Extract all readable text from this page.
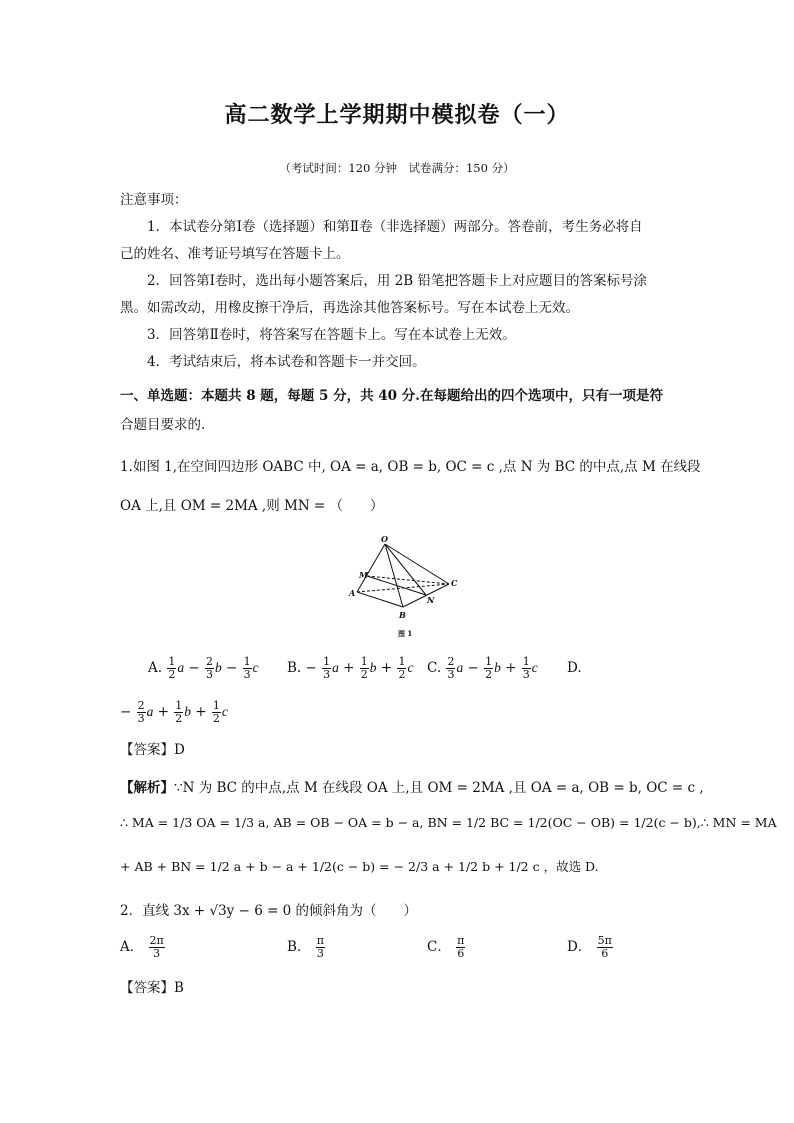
高二数学上学期期中模拟卷（一）
（考试时间：120 分钟　试卷满分：150 分）
注意事项：
1．本试卷分第Ⅰ卷（选择题）和第Ⅱ卷（非选择题）两部分。答卷前，考生务必将自
己的姓名、准考证号填写在答题卡上。
2．回答第Ⅰ卷时，选出每小题答案后，用 2B 铅笔把答题卡上对应题目的答案标号涂
黑。如需改动，用橡皮擦干净后，再选涂其他答案标号。写在本试卷上无效。
3．回答第Ⅱ卷时，将答案写在答题卡上。写在本试卷上无效。
4．考试结束后，将本试卷和答题卡一并交回。
一、单选题：本题共 8 题，每题 5 分，共 40 分.在每题给出的四个选项中，只有一项是符
合题目要求的.
1.如图 1,在空间四边形 OABC 中, OA = a, OB = b, OC = c ,点 N 为 BC 的中点,点 M 在线段
OA 上,且 OM = 2MA ,则 MN = （　　）
O
M
A
B
N
C
图 1
A. $\frac{1}{2}$ $a - \frac{2}{3}$ $b - \frac{1}{3}$ c B. − $\frac{1}{3}$ $a + \frac{1}{2}$ $b + \frac{1}{2}$ c C. $\frac{2}{3}$ $a - \frac{1}{2}$ $b + \frac{1}{3}$ c D.
− $\frac{2}{3}$ $a + \frac{1}{2}$ $b + \frac{1}{2}$ c
【答案】D
【解析】∵N 为 BC 的中点,点 M 在线段 OA 上,且 OM = 2MA ,且 OA = a, OB = b, OC = c ,
∴ MA = 1/3 OA = 1/3 a, AB = OB − OA = b − a, BN = 1/2 BC = 1/2(OC − OB) = 1/2(c − b),∴ MN = MA
+ AB + BN = 1/2 a + b − a + 1/2(c − b) = − 2/3 a + 1/2 b + 1/2 c ，故选 D.
2．直线 3x + √3y − 6 = 0 的倾斜角为（　　）
A． $\frac{2\pi}{3}$	B． $\frac{\pi}{3}$	C． $\frac{\pi}{6}$	D． $\frac{5\pi}{6}$
【答案】B
